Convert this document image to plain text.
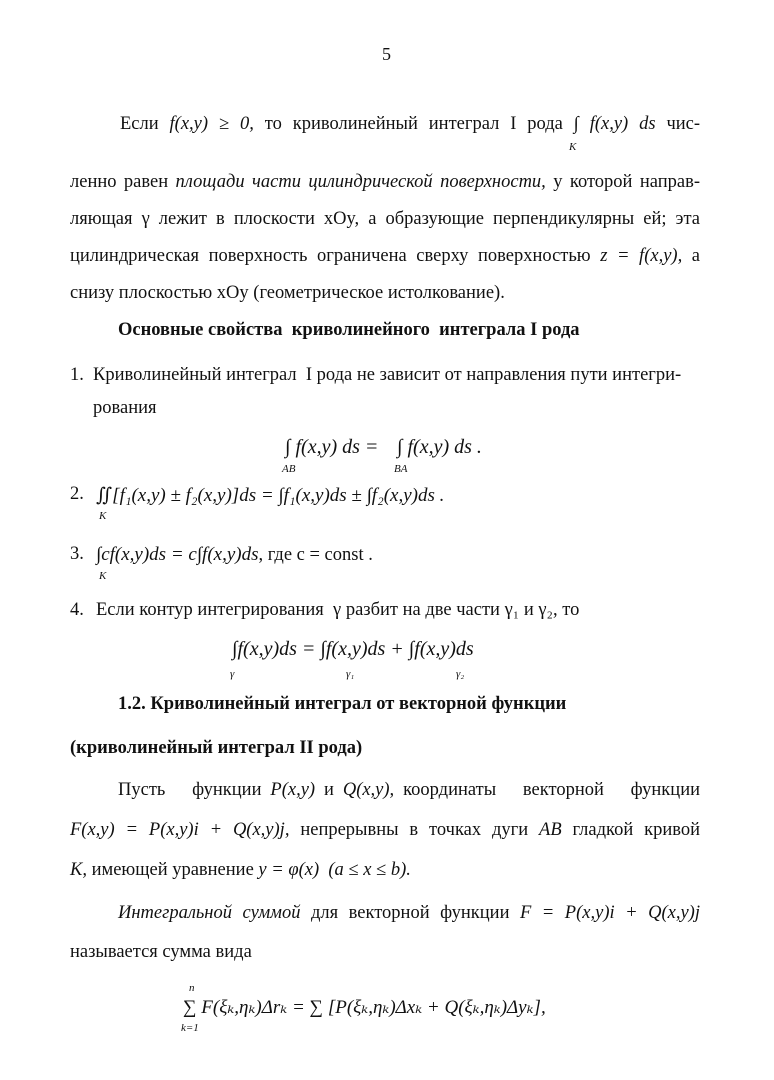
5
Если f(x,y) ≥ 0, то криволинейный интеграл I рода ∫ f(x,y) ds чис-
K
ленно равен площади части цилиндрической поверхности, у которой направ-
ляющая γ лежит в плоскости xOy, а образующие перпендикулярны ей; эта
цилиндрическая поверхность ограничена сверху поверхностью z = f(x,y), а
снизу плоскостью xOy (геометрическое истолкование).
Основные свойства  криволинейного  интеграла I рода
1. Криволинейный интеграл  I рода не зависит от направления пути интегри-
рования
∫ f(x,y) ds =
AB
∫ f(x,y) ds .
BA
2. ∬[f₁(x,y) ± f₂(x,y)]ds = ∫f₁(x,y)ds ± ∫f₂(x,y)ds .
K
3. ∫cf(x,y)ds = c∫f(x,y)ds, где c = const .
K
4. Если контур интегрирования  γ разбит на две части γ₁ и γ₂, то
∫f(x,y)ds = ∫f(x,y)ds + ∫f(x,y)ds
γ	γ₁	γ₂
1.2. Криволинейный интеграл от векторной функции
(криволинейный интеграл II рода)
Пусть   функции P(x,y) и Q(x,y), координаты   векторной   функции
F(x,y) = P(x,y)i + Q(x,y)j, непрерывны в точках дуги AB гладкой кривой
K, имеющей уравнение y = φ(x)  (a ≤ x ≤ b).
Интегральной суммой для векторной функции F = P(x,y)i + Q(x,y)j
называется сумма вида
∑ F(ξₖ,ηₖ)Δrₖ = ∑ [P(ξₖ,ηₖ)Δxₖ + Q(ξₖ,ηₖ)Δyₖ],
n
k=1
